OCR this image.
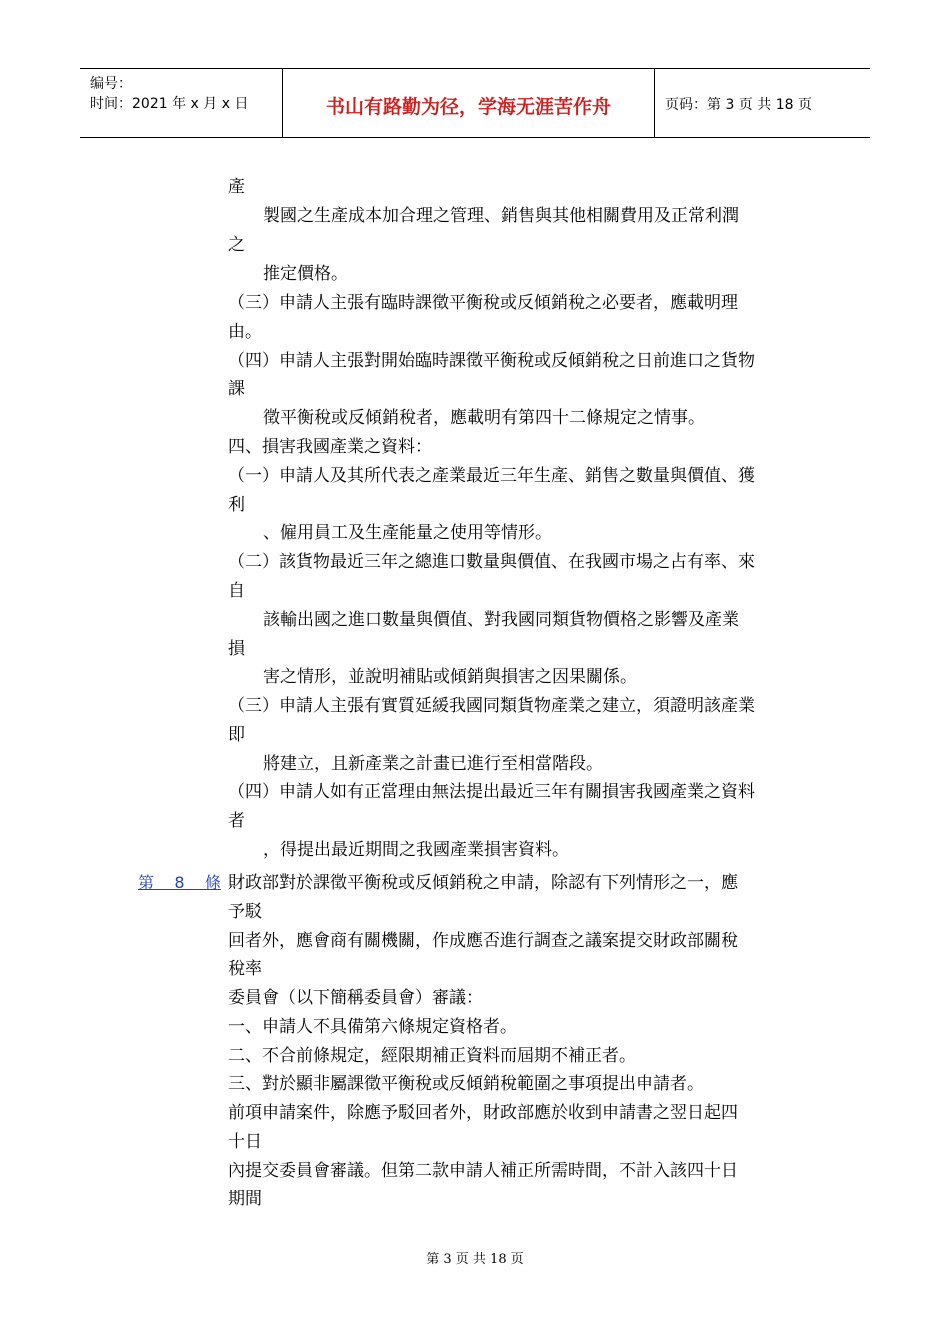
编号：
时间：2021 年 x 月 x 日	书山有路勤为径，学海无涯苦作舟	页码：第 3 页 共 18 页
產
製國之生產成本加合理之管理、銷售與其他相關費用及正常利潤
之
推定價格。
（三）申請人主張有臨時課徵平衡稅或反傾銷稅之必要者，應載明理
由。
（四）申請人主張對開始臨時課徵平衡稅或反傾銷稅之日前進口之貨物
課
徵平衡稅或反傾銷稅者，應載明有第四十二條規定之情事。
四、損害我國產業之資料：
（一）申請人及其所代表之產業最近三年生產、銷售之數量與價值、獲
利
、僱用員工及生產能量之使用等情形。
（二）該貨物最近三年之總進口數量與價值、在我國市場之占有率、來
自
該輸出國之進口數量與價值、對我國同類貨物價格之影響及產業
損
害之情形，並說明補貼或傾銷與損害之因果關係。
（三）申請人主張有實質延緩我國同類貨物產業之建立，須證明該產業
即
將建立，且新產業之計畫已進行至相當階段。
（四）申請人如有正當理由無法提出最近三年有關損害我國產業之資料
者
，得提出最近期間之我國產業損害資料。
第    8    條 財政部對於課徵平衡稅或反傾銷稅之申請，除認有下列情形之一，應
予駁
回者外，應會商有關機關，作成應否進行調查之議案提交財政部關稅
稅率
委員會（以下簡稱委員會）審議：
一、申請人不具備第六條規定資格者。
二、不合前條規定，經限期補正資料而屆期不補正者。
三、對於顯非屬課徵平衡稅或反傾銷稅範圍之事項提出申請者。
前項申請案件，除應予駁回者外，財政部應於收到申請書之翌日起四
十日
內提交委員會審議。但第二款申請人補正所需時間，不計入該四十日
期間
第 3 页 共 18 页
